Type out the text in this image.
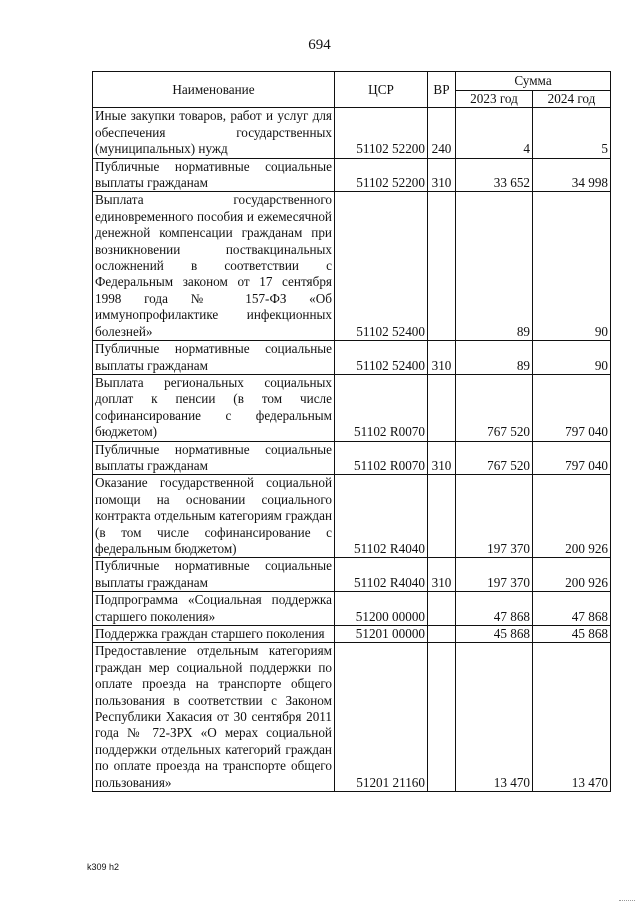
694
Наименование	ЦСР	ВР	Сумма	
			2023 год	2024 год
Иные закупки товаров, работ и услуг для обеспечения государственных (муниципальных) нужд	51102 52200	240	4	5
Публичные нормативные социальные выплаты гражданам	51102 52200	310	33 652	34 998
Выплата государственного единовременного пособия и ежемесячной денежной компенсации гражданам при возникновении поствакцинальных осложнений в соответствии с Федеральным законом от 17 сентября 1998 года № 157-ФЗ «Об иммунопрофилактике инфекционных болезней»	51102 52400		89	90
Публичные нормативные социальные выплаты гражданам	51102 52400	310	89	90
Выплата региональных социальных доплат к пенсии (в том числе софинансирование с федеральным бюджетом)	51102 R0070		767 520	797 040
Публичные нормативные социальные выплаты гражданам	51102 R0070	310	767 520	797 040
Оказание государственной социальной помощи на основании социального контракта отдельным категориям граждан (в том числе софинансирование с федеральным бюджетом)	51102 R4040		197 370	200 926
Публичные нормативные социальные выплаты гражданам	51102 R4040	310	197 370	200 926
Подпрограмма «Социальная поддержка старшего поколения»	51200 00000		47 868	47 868
Поддержка граждан старшего поколения	51201 00000		45 868	45 868
Предоставление отдельным категориям граждан мер социальной поддержки по оплате проезда на транспорте общего пользования в соответствии с Законом Республики Хакасия от 30 сентября 2011 года № 72-ЗРХ «О мерах социальной поддержки отдельных категорий граждан по оплате проезда на транспорте общего пользования»	51201 21160		13 470	13 470
k309 h2
